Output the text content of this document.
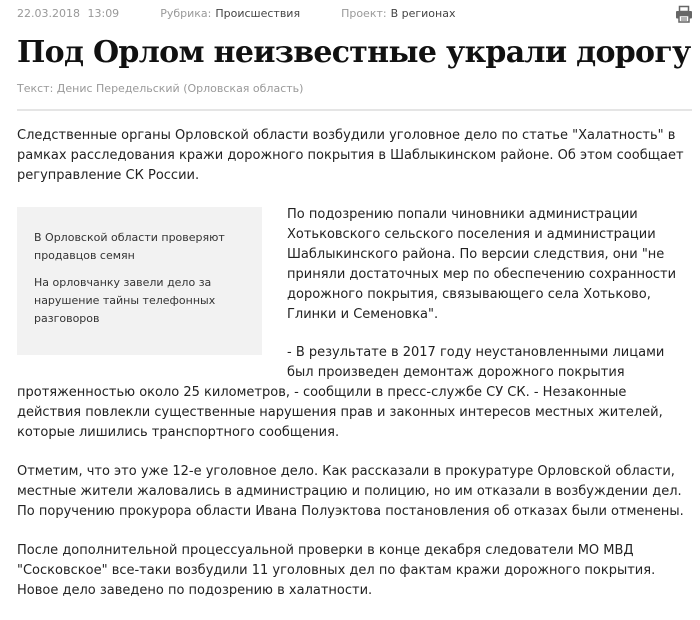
22.03.2018 13:09	Рубрика: Происшествия	Проект: В регионах
Под Орлом неизвестные украли дорогу
Текст: Денис Передельский (Орловская область)

Следственные органы Орловской области возбудили уголовное дело по статье "Халатность" в рамках расследования кражи дорожного покрытия в Шаблыкинском районе. Об этом сообщает регуправление СК России.

В Орловской области проверяют продавцов семян
На орловчанку завели дело за нарушение тайны телефонных разговоров

По подозрению попали чиновники администрации Хотьковского сельского поселения и администрации Шаблыкинского района. По версии следствия, они "не приняли достаточных мер по обеспечению сохранности дорожного покрытия, связывающего села Хотьково, Глинки и Семеновка".

- В результате в 2017 году неустановленными лицами был произведен демонтаж дорожного покрытия протяженностью около 25 километров, - сообщили в пресс-службе СУ СК. - Незаконные действия повлекли существенные нарушения прав и законных интересов местных жителей, которые лишились транспортного сообщения.

Отметим, что это уже 12-е уголовное дело. Как рассказали в прокуратуре Орловской области, местные жители жаловались в администрацию и полицию, но им отказали в возбуждении дел. По поручению прокурора области Ивана Полуэктова постановления об отказах были отменены.

После дополнительной процессуальной проверки в конце декабря следователи МО МВД "Сосковское" все-таки возбудили 11 уголовных дел по фактам кражи дорожного покрытия. Новое дело заведено по подозрению в халатности.
